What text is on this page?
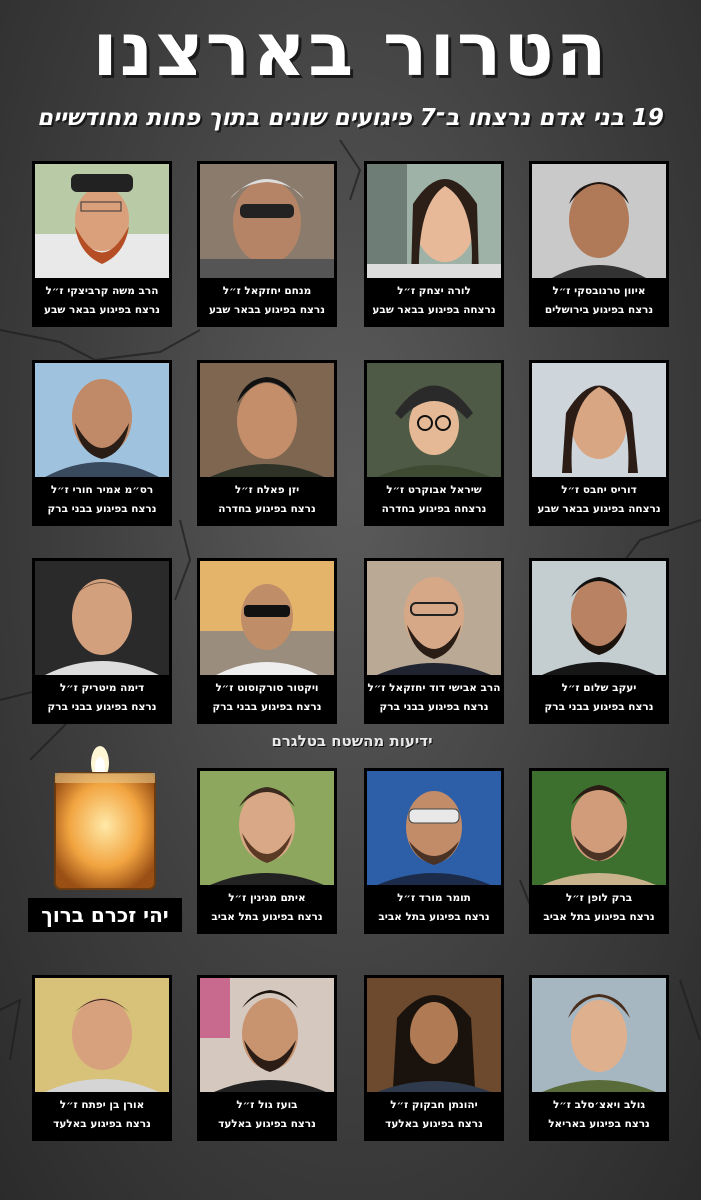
הטרור בארצנו
19 בני אדם נרצחו ב־7 פיגועים שונים בתוך פחות מחודשיים
הרב משה קרביצקי ז״ל
נרצח בפיגוע בבאר שבע
מנחם יחזקאל ז״ל
נרצח בפיגוע בבאר שבע
לורה יצחק ז״ל
נרצחה בפיגוע בבאר שבע
איוון טרנובסקי ז״ל
נרצח בפיגוע בירושלים
רס״מ אמיר חורי ז״ל
נרצח בפיגוע בבני ברק
יזן פאלח ז״ל
נרצח בפיגוע בחדרה
שיראל אבוקרט ז״ל
נרצחה בפיגוע בחדרה
דוריס יחבס ז״ל
נרצחה בפיגוע בבאר שבע
דימה מיטריק ז״ל
נרצח בפיגוע בבני ברק
ויקטור סורקוסוט ז״ל
נרצח בפיגוע בבני ברק
הרב אבישי דוד יחזקאל ז״ל
נרצח בפיגוע בבני ברק
יעקב שלום ז״ל
נרצח בפיגוע בבני ברק
ידיעות מהשטח בטלגרם
יהי זכרם ברוך
איתם מגינין ז״ל
נרצח בפיגוע בתל אביב
תומר מורד ז״ל
נרצח בפיגוע בתל אביב
ברק לופן ז״ל
נרצח בפיגוע בתל אביב
אורן בן יפתח ז״ל
נרצח בפיגוע באלעד
בועז גול ז״ל
נרצח בפיגוע באלעד
יהונתן חבקוק ז״ל
נרצח בפיגוע באלעד
גולב ויאצ׳סלב ז״ל
נרצח בפיגוע באריאל
